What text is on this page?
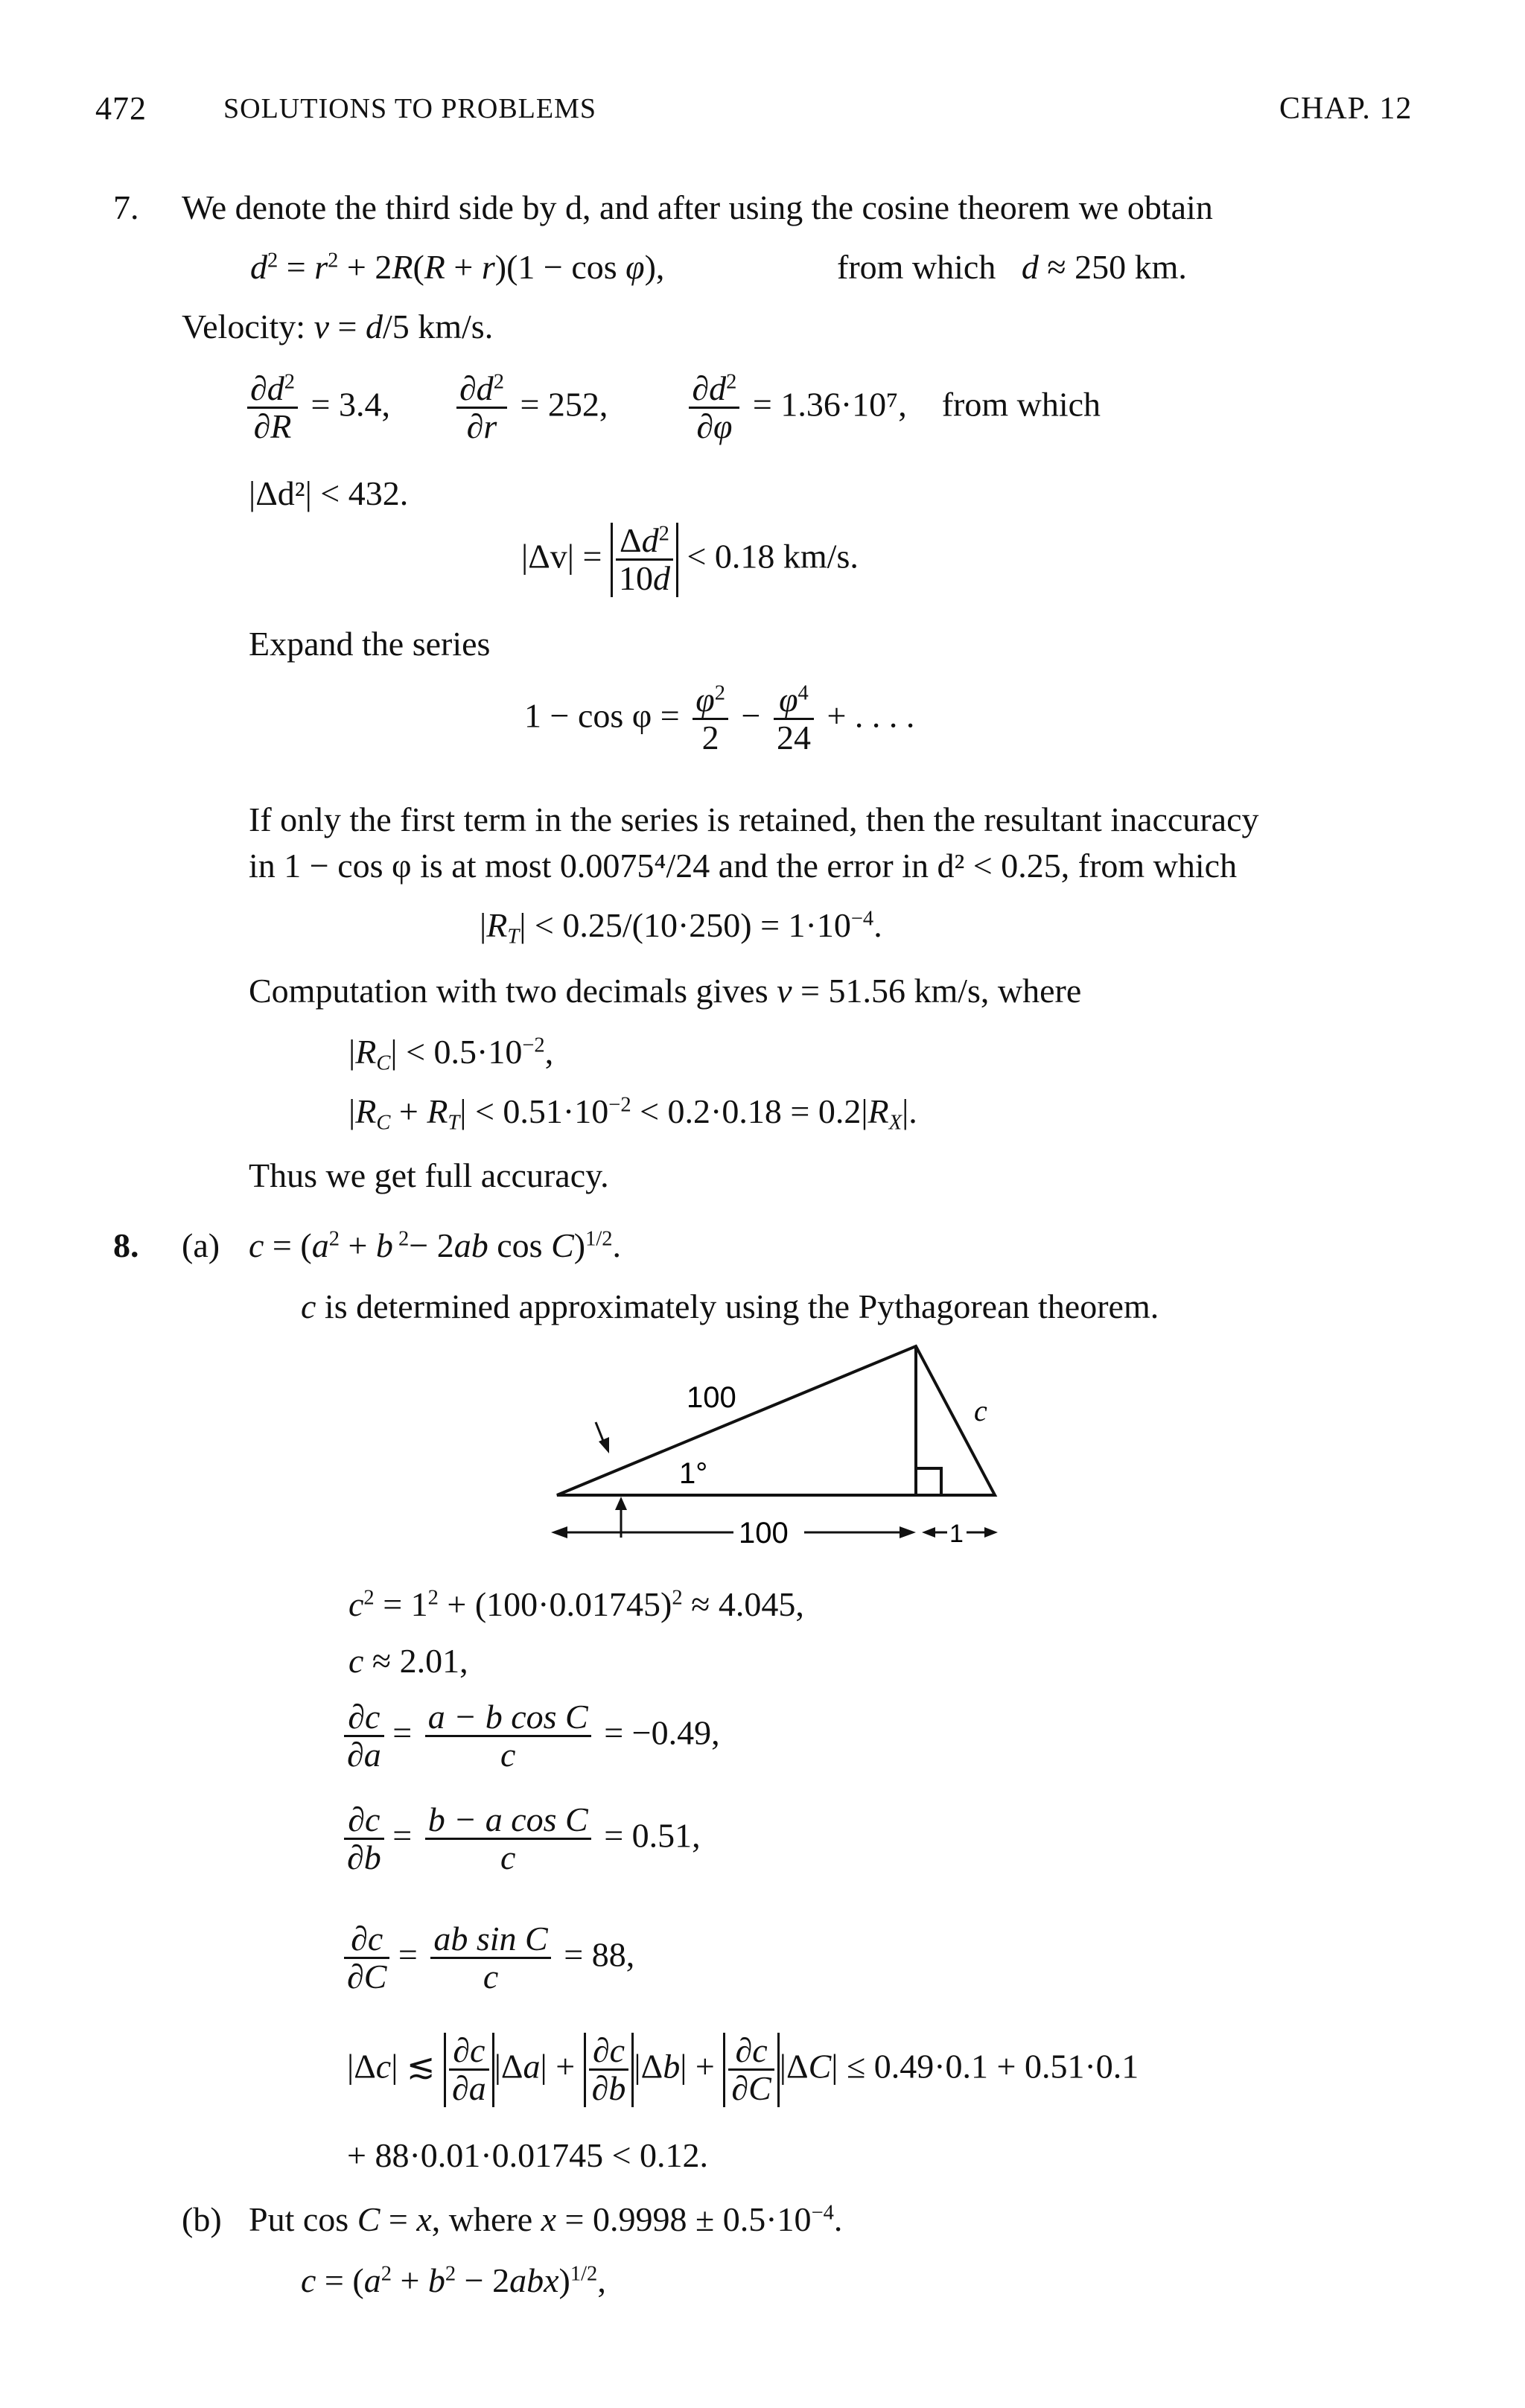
472	SOLUTIONS TO PROBLEMS	CHAP. 12
7. We denote the third side by d, and after using the cosine theorem we obtain
$d^2 = r^2 + 2R(R + r)(1 - \cos \varphi)$,	from which   d ≈ 250 km.
Velocity: v = d/5 km/s.
$\frac{\partial d^2}{\partial R} = 3.4$, $\frac{\partial d^2}{\partial r} = 252$, $\frac{\partial d^2}{\partial\varphi} = 1.36\cdot 10^7$, from which
|Δd²| < 432.
$|\Delta v| = \frac{\Delta d^2}{10d} < 0.18$ km/s.
Expand the series
$1 - \cos \varphi = \frac{\varphi^2}{2} - \frac{\varphi^4}{24}$ + . . . .
If only the first term in the series is retained, then the resultant inaccuracy
in 1 − cos φ is at most 0.0075⁴/24 and the error in d² < 0.25, from which
$|R_T| < 0.25/(10\cdot 250) = 1\cdot 10^{-4}$.
Computation with two decimals gives v = 51.56 km/s, where
$|R_C| < 0.5\cdot 10^{-2}$,
$|R_C + R_T| < 0.51\cdot 10^{-2} < 0.2\cdot 0.18 = 0.2|R_X|$.
Thus we get full accuracy.
8. (a) $c = (a^2 + b$ $^2$− 2ab cos C)$^{1/2}$.
c is determined approximately using the Pythagorean theorem.
100
1°
c
100	1
$c^2 = 1^2 + (100\cdot 0.01745)^2 \approx 4.045$,
c ≈ 2.01,
$\frac{\partial c}{\partial a} = \frac{\text{a − b cos C}}{c} = -0.49$,
$\frac{\partial c}{\partial b} = \frac{\text{b − a cos C}}{c} = 0.51$,
$\frac{\partial c}{\partial C} = \frac{\text{ab sin C}}{c} = 88$,
|Δc| ≲ $\frac{\partial c}{\partial a} |\Delta a| + \frac{\partial c}{\partial b} |\Delta b| + \frac{\partial c}{\partial C} |\Delta C| \le 0.49\cdot 0.1 + 0.51\cdot 0.1$
+ 88·0.01·0.01745 < 0.12.
(b) Put cos C = x, where $x = 0.9998 \pm 0.5\cdot 10^{-4}$.
$c = (a^2 + b^2 - 2abx)^{1/2}$,
